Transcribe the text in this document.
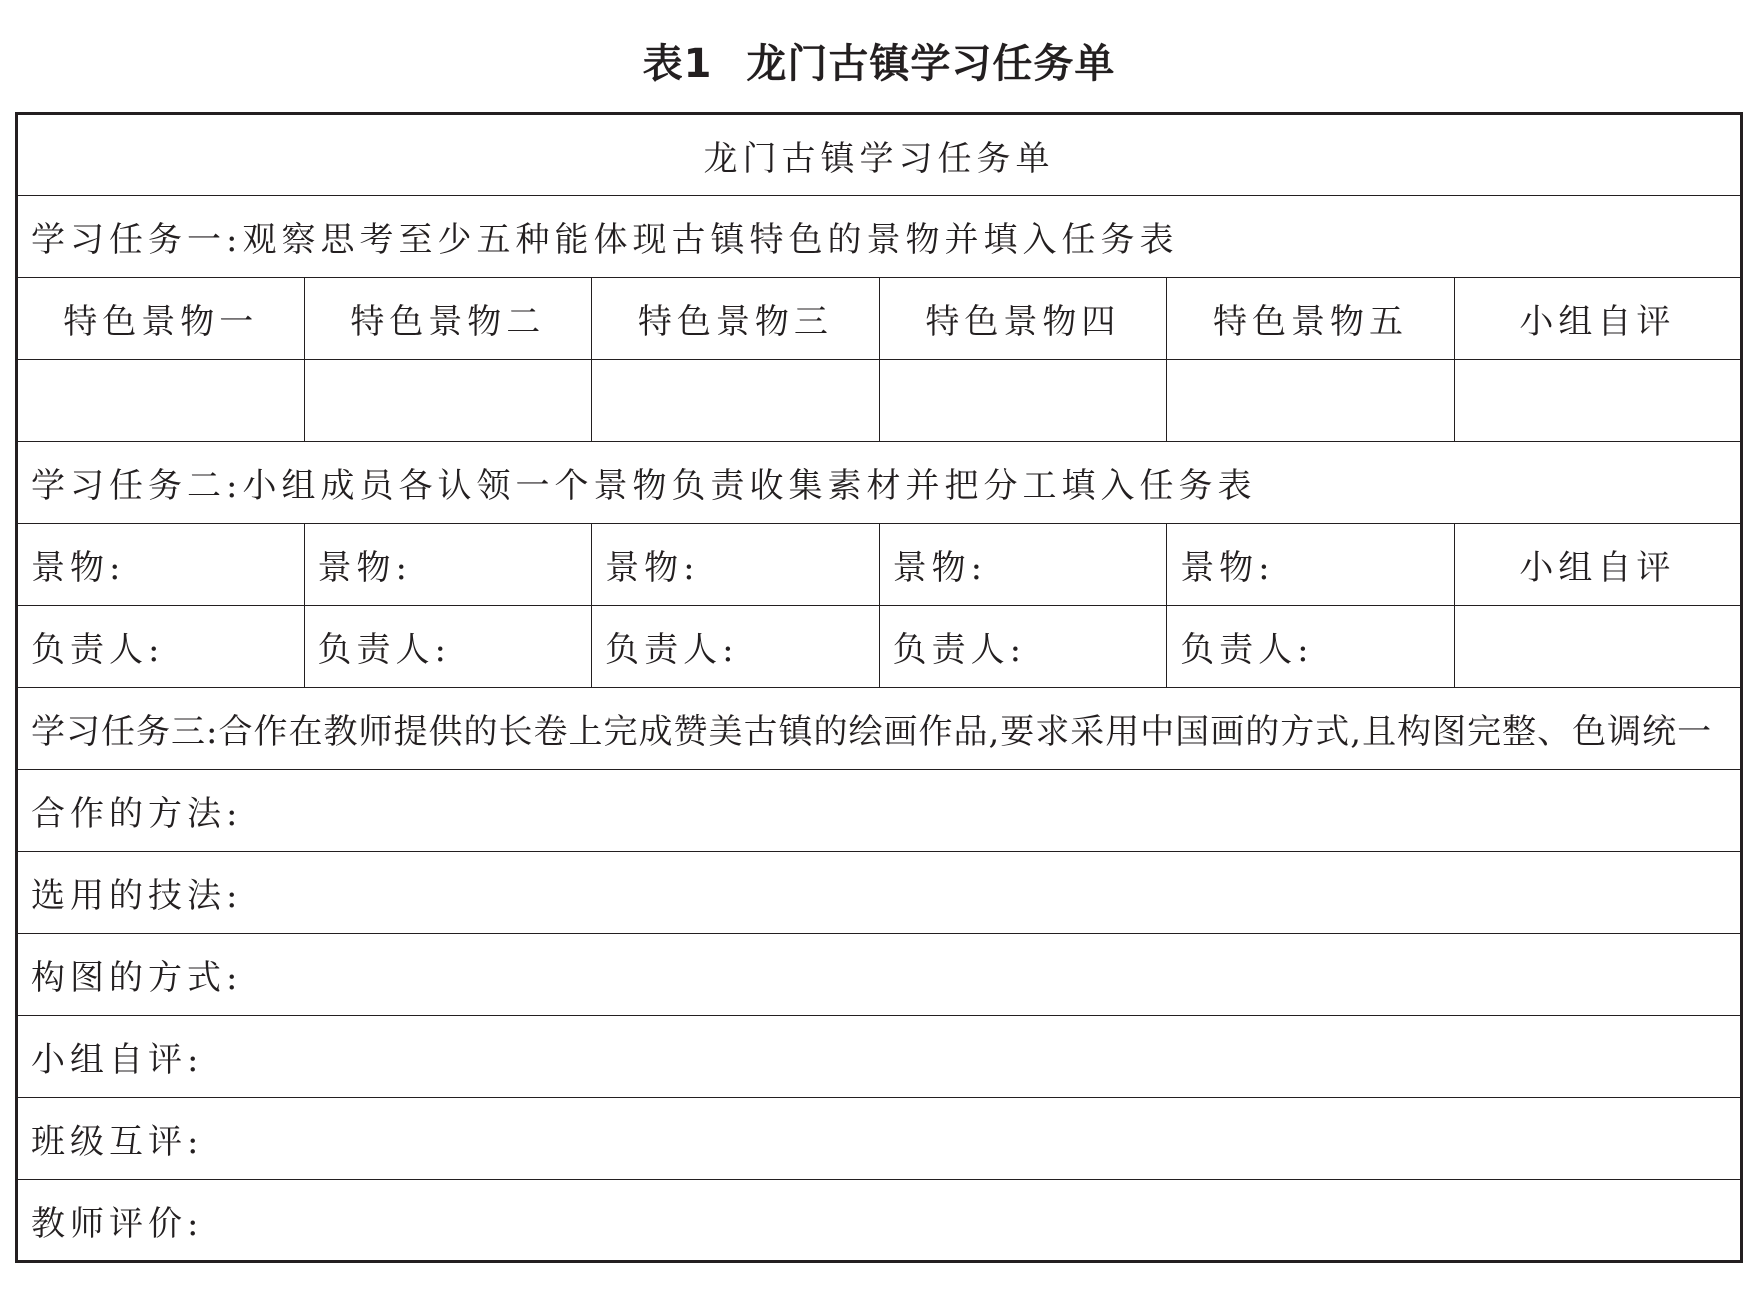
表1 龙门古镇学习任务单
龙门古镇学习任务单					
学习任务一:观察思考至少五种能体现古镇特色的景物并填入任务表					
特色景物一	特色景物二	特色景物三	特色景物四	特色景物五	小组自评

学习任务二:小组成员各认领一个景物负责收集素材并把分工填入任务表					
景物:	景物:	景物:	景物:	景物:	小组自评
负责人:	负责人:	负责人:	负责人:	负责人:	
学习任务三:合作在教师提供的长卷上完成赞美古镇的绘画作品,要求采用中国画的方式,且构图完整、色调统一					
合作的方法:					
选用的技法:					
构图的方式:					
小组自评:					
班级互评:					
教师评价:					
